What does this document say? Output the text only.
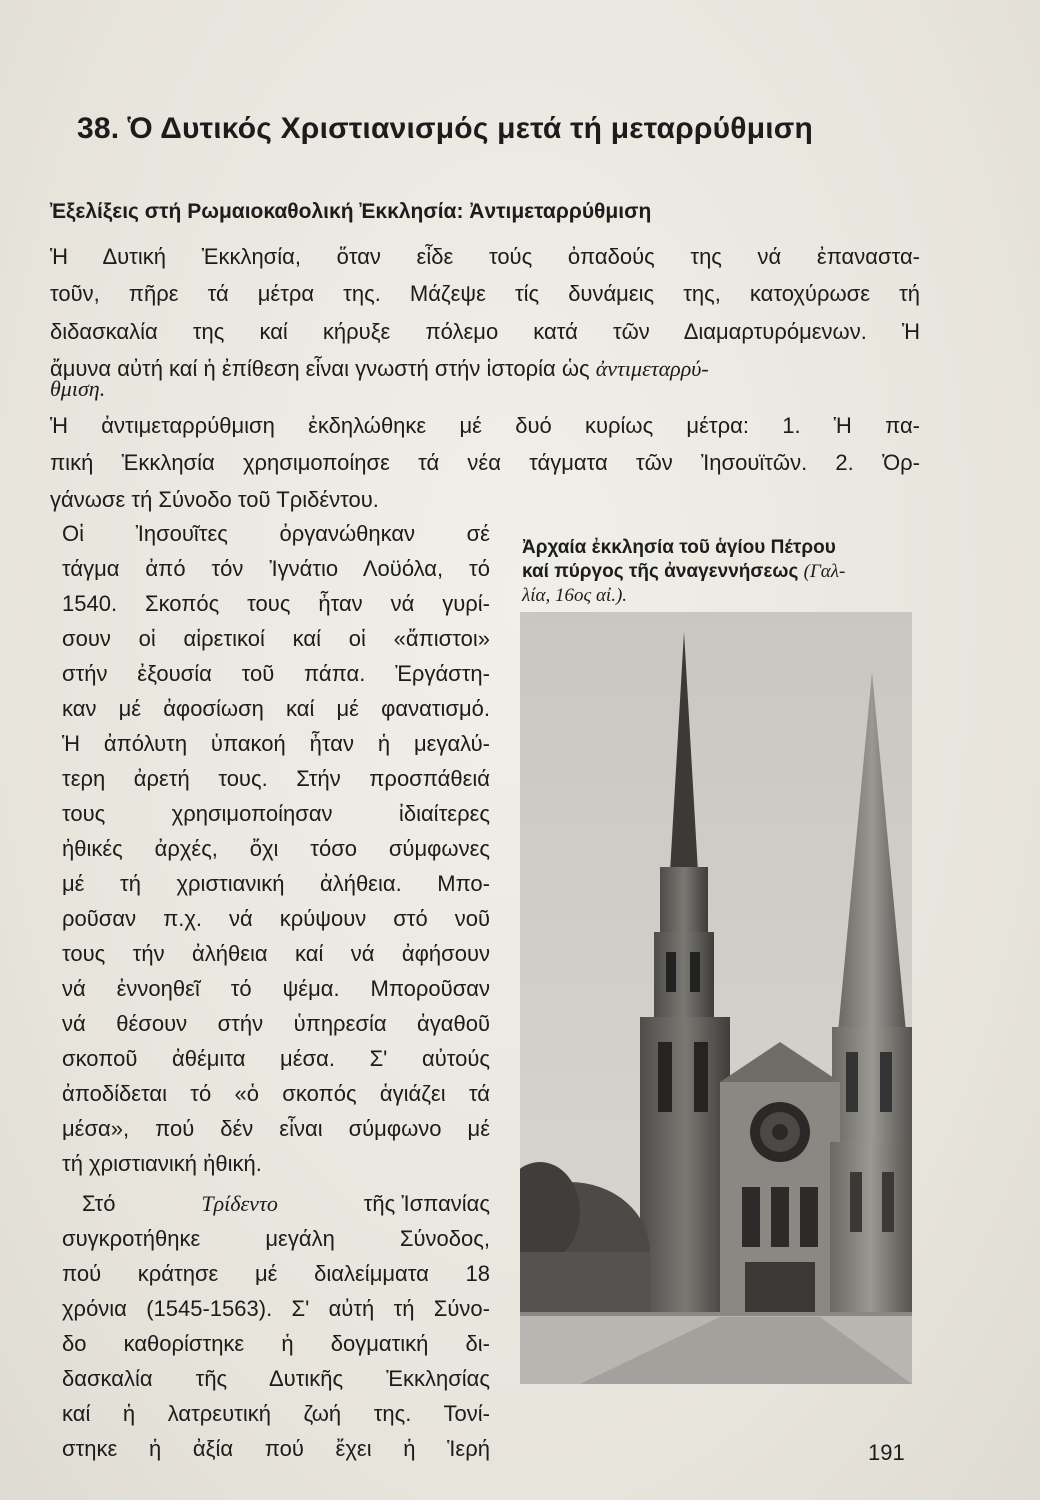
38. Ὁ Δυτικός Χριστιανισμός μετά τή μεταρρύθμιση
Ἐξελίξεις στή Ρωμαιοκαθολική Ἐκκλησία: Ἀντιμεταρρύθμιση
Ἡ Δυτική Ἐκκλησία, ὅταν εἶδε τούς ὀπαδούς της νά ἐπαναστα-
τοῦν, πῆρε τά μέτρα της. Μάζεψε τίς δυνάμεις της, κατοχύρωσε τή
διδασκαλία της καί κήρυξε πόλεμο κατά τῶν Διαμαρτυρόμενων. Ἡ
ἄμυνα αὐτή καί ἡ ἐπίθεση εἶναι γνωστή στήν ἱστορία ὡς ἀντιμεταρρύ-
θμιση.
Ἡ ἀντιμεταρρύθμιση ἐκδηλώθηκε μέ δυό κυρίως μέτρα: 1. Ἡ πα-
πική Ἐκκλησία χρησιμοποίησε τά νέα τάγματα τῶν Ἰησουϊτῶν. 2. Ὀρ-
γάνωσε τή Σύνοδο τοῦ Τριδέντου.
Οἱ Ἰησουῖτες ὀργανώθηκαν σέ
τάγμα ἀπό τόν Ἰγνάτιο Λοϋόλα, τό
1540. Σκοπός τους ἦταν νά γυρί-
σουν οἱ αἱρετικοί καί οἱ «ἄπιστοι»
στήν ἐξουσία τοῦ πάπα. Ἐργάστη-
καν μέ ἀφοσίωση καί μέ φανατισμό.
Ἡ ἀπόλυτη ὑπακοή ἦταν ἡ μεγαλύ-
τερη ἀρετή τους. Στήν προσπάθειά
τους χρησιμοποίησαν ἰδιαίτερες
ἠθικές ἀρχές, ὄχι τόσο σύμφωνες
μέ τή χριστιανική ἀλήθεια. Μπο-
ροῦσαν π.χ. νά κρύψουν στό νοῦ
τους τήν ἀλήθεια καί νά ἀφήσουν
νά ἐννοηθεῖ τό ψέμα. Μποροῦσαν
νά θέσουν στήν ὑπηρεσία ἀγαθοῦ
σκοποῦ ἀθέμιτα μέσα. Σ' αὐτούς
ἀποδίδεται τό «ὁ σκοπός ἁγιάζει τά
μέσα», πού δέν εἶναι σύμφωνο μέ
τή χριστιανική ἠθική.
Στό	Τρίδεντο	τῆς Ἰσπανίας
συγκροτήθηκε μεγάλη Σύνοδος,
πού κράτησε μέ διαλείμματα 18
χρόνια (1545-1563). Σ' αὐτή τή Σύνο-
δο καθορίστηκε ἡ δογματική δι-
δασκαλία τῆς Δυτικῆς Ἐκκλησίας
καί ἡ λατρευτική ζωή της. Τονί-
στηκε ἡ ἀξία πού ἔχει ἡ Ἱερή
Ἀρχαία ἐκκλησία τοῦ ἁγίου Πέτρου
καί πύργος τῆς ἀναγεννήσεως (Γαλ-
λία, 16ος αἰ.).
191
